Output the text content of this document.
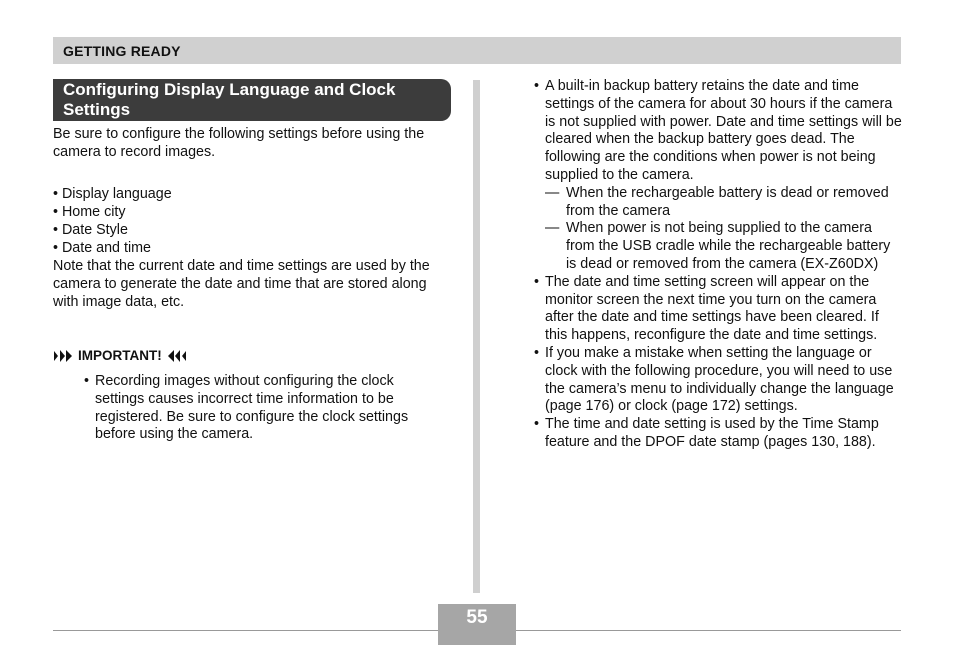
GETTING READY
Configuring Display Language and Clock Settings

Be sure to configure the following settings before using the camera to record images.

• Display language
• Home city
• Date Style
• Date and time

Note that the current date and time settings are used by the camera to generate the date and time that are stored along with image data, etc.

IMPORTANT!
• Recording images without configuring the clock settings causes incorrect time information to be registered. Be sure to configure the clock settings before using the camera.
• A built-in backup battery retains the date and time settings of the camera for about 30 hours if the camera is not supplied with power. Date and time settings will be cleared when the backup battery goes dead. The following are the conditions when power is not being supplied to the camera.
— When the rechargeable battery is dead or removed from the camera
— When power is not being supplied to the camera from the USB cradle while the rechargeable battery is dead or removed from the camera (EX-Z60DX)
• The date and time setting screen will appear on the monitor screen the next time you turn on the camera after the date and time settings have been cleared. If this happens, reconfigure the date and time settings.
• If you make a mistake when setting the language or clock with the following procedure, you will need to use the camera’s menu to individually change the language (page 176) or clock (page 172) settings.
• The time and date setting is used by the Time Stamp feature and the DPOF date stamp (pages 130, 188).
55
